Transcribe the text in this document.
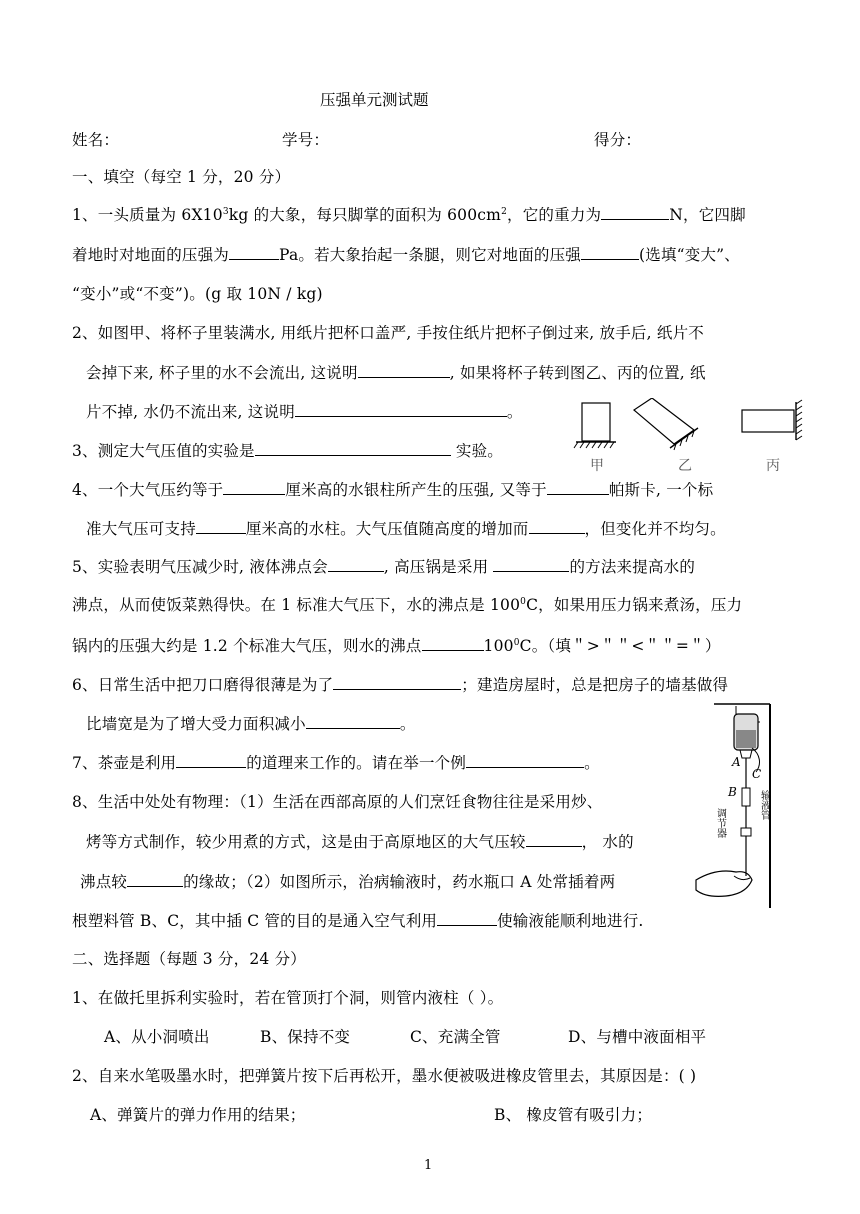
压强单元测试题
姓名：	学号：	得分：
一、填空（每空 1 分，20 分）
1、一头质量为 $6X10^3kg$ 的大象，每只脚掌的面积为 $600cm^2$，它的重力为	N，它四脚
着地时对地面的压强为	Pa。若大象抬起一条腿，则它对地面的压强	(选填“变大”、
“变小”或“不变”)。(g 取 10N / kg)
2、如图甲、将杯子里装满水, 用纸片把杯口盖严, 手按住纸片把杯子倒过来, 放手后, 纸片不
会掉下来, 杯子里的水不会流出, 这说明	, 如果将杯子转到图乙、丙的位置, 纸
片不掉, 水仍不流出来, 这说明	。
3、测定大气压值的实验是	实验。
甲	乙	丙
4、一个大气压约等于	厘米高的水银柱所产生的压强, 又等于	帕斯卡, 一个标
准大气压可支持	厘米高的水柱。大气压值随高度的增加而	，但变化并不均匀。
5、实验表明气压减少时, 液体沸点会	, 高压锅是采用	的方法来提高水的
沸点，从而使饭菜熟得快。在 1 标准大气压下，水的沸点是 $100^0C$，如果用压力锅来煮汤，压力
锅内的压强大约是 1.2 个标准大气压，则水的沸点	$100^0C$。（填＂>＂＂<＂＂=＂）
6、日常生活中把刀口磨得很薄是为了	；建造房屋时，总是把房子的墙基做得
比墙宽是为了增大受力面积减小	。
7、茶壶是利用	的道理来工作的。请在举一个例	。
8、生活中处处有物理：（1）生活在西部高原的人们烹饪食物往往是采用炒、
烤等方式制作，较少用煮的方式，这是由于高原地区的大气压较	， 水的
沸点较	的缘故；（2）如图所示，治病输液时，药水瓶口 A 处常插着两
根塑料管 B、C，其中插 C 管的目的是通入空气利用	使输液能顺利地进行.
A
C
B 输液管
调节器
二、选择题（每题 3 分，24 分）
1、在做托里拆利实验时，若在管顶打个洞，则管内液柱（ ）。
A、从小洞喷出	B、保持不变	C、充满全管	D、与槽中液面相平
2、自来水笔吸墨水时，把弹簧片按下后再松开，墨水便被吸进橡皮管里去，其原因是：( )
A、弹簧片的弹力作用的结果；	B、 橡皮管有吸引力；
1
